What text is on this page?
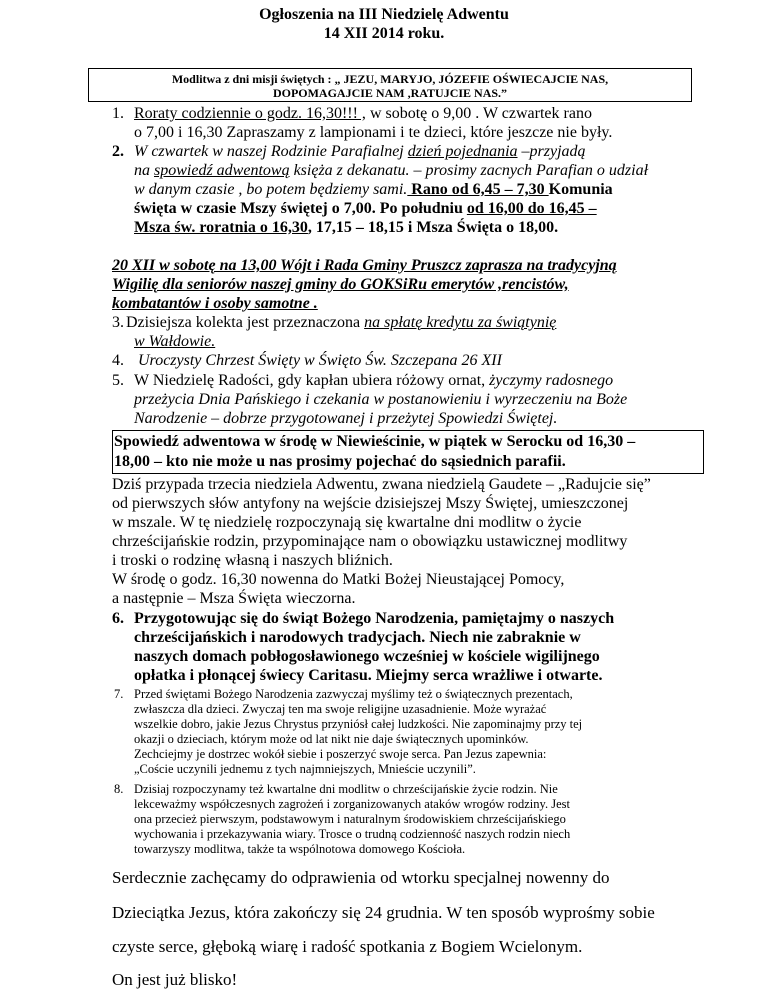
Ogłoszenia na III Niedzielę Adwentu
14 XII 2014 roku.
Modlitwa z dni misji świętych : „ JEZU, MARYJO, JÓZEFIE OŚWIECAJCIE NAS,
DOPOMAGAJCIE NAM ,RATUJCIE NAS.”
1. Roraty codziennie o godz. 16,30!!! , w sobotę o 9,00 . W czwartek rano
o 7,00 i 16,30 Zapraszamy z lampionami i te dzieci, które jeszcze nie były.
2. W czwartek w naszej Rodzinie Parafialnej dzień pojednania –przyjadą
na spowiedź adwentową księża z dekanatu. – prosimy zacnych Parafian o udział
w danym czasie , bo potem będziemy sami. Rano od 6,45 – 7,30 Komunia
święta w czasie Mszy świętej o 7,00. Po południu od 16,00 do 16,45 –
Msza św. roratnia o 16,30, 17,15 – 18,15 i Msza Święta o 18,00.
20 XII w sobotę na 13,00 Wójt i Rada Gminy Pruszcz zaprasza na tradycyjną
Wigilię dla seniorów naszej gminy do GOKSiRu emerytów ,rencistów,
kombatantów i osoby samotne .
3. Dzisiejsza kolekta jest przeznaczona na spłatę kredytu za świątynię
w Wałdowie.
4. Uroczysty Chrzest Święty w Święto Św. Szczepana 26 XII
5. W Niedzielę Radości, gdy kapłan ubiera różowy ornat, życzymy radosnego
przeżycia Dnia Pańskiego i czekania w postanowieniu i wyrzeczeniu na Boże
Narodzenie – dobrze przygotowanej i przeżytej Spowiedzi Świętej.
Spowiedź adwentowa w środę w Niewieścinie, w piątek w Serocku od 16,30 –
18,00 – kto nie może u nas prosimy pojechać do sąsiednich parafii.
Dziś przypada trzecia niedziela Adwentu, zwana niedzielą Gaudete – „Radujcie się”
od pierwszych słów antyfony na wejście dzisiejszej Mszy Świętej, umieszczonej
w mszale. W tę niedzielę rozpoczynają się kwartalne dni modlitw o życie
chrześcijańskie rodzin, przypominające nam o obowiązku ustawicznej modlitwy
i troski o rodzinę własną i naszych bliźnich.
W środę o godz. 16,30 nowenna do Matki Bożej Nieustającej Pomocy,
a następnie – Msza Święta wieczorna.
6. Przygotowując się do świąt Bożego Narodzenia, pamiętajmy o naszych
chrześcijańskich i narodowych tradycjach. Niech nie zabraknie w
naszych domach pobłogosławionego wcześniej w kościele wigilijnego
opłatka i płonącej świecy Caritasu. Miejmy serca wrażliwe i otwarte.
7. Przed świętami Bożego Narodzenia zazwyczaj myślimy też o świątecznych prezentach,
zwłaszcza dla dzieci. Zwyczaj ten ma swoje religijne uzasadnienie. Może wyrażać
wszelkie dobro, jakie Jezus Chrystus przyniósł całej ludzkości. Nie zapominajmy przy tej
okazji o dzieciach, którym może od lat nikt nie daje świątecznych upominków.
Zechciejmy je dostrzec wokół siebie i poszerzyć swoje serca. Pan Jezus zapewnia:
„Coście uczynili jednemu z tych najmniejszych, Mnieście uczynili”.
8. Dzisiaj rozpoczynamy też kwartalne dni modlitw o chrześcijańskie życie rodzin. Nie
lekceważmy współczesnych zagrożeń i zorganizowanych ataków wrogów rodziny. Jest
ona przecież pierwszym, podstawowym i naturalnym środowiskiem chrześcijańskiego
wychowania i przekazywania wiary. Trosce o trudną codzienność naszych rodzin niech
towarzyszy modlitwa, także ta wspólnotowa domowego Kościoła.
Serdecznie zachęcamy do odprawienia od wtorku specjalnej nowenny do
Dzieciątka Jezus, która zakończy się 24 grudnia. W ten sposób wyprośmy sobie
czyste serce, głęboką wiarę i radość spotkania z Bogiem Wcielonym.
On jest już blisko!
